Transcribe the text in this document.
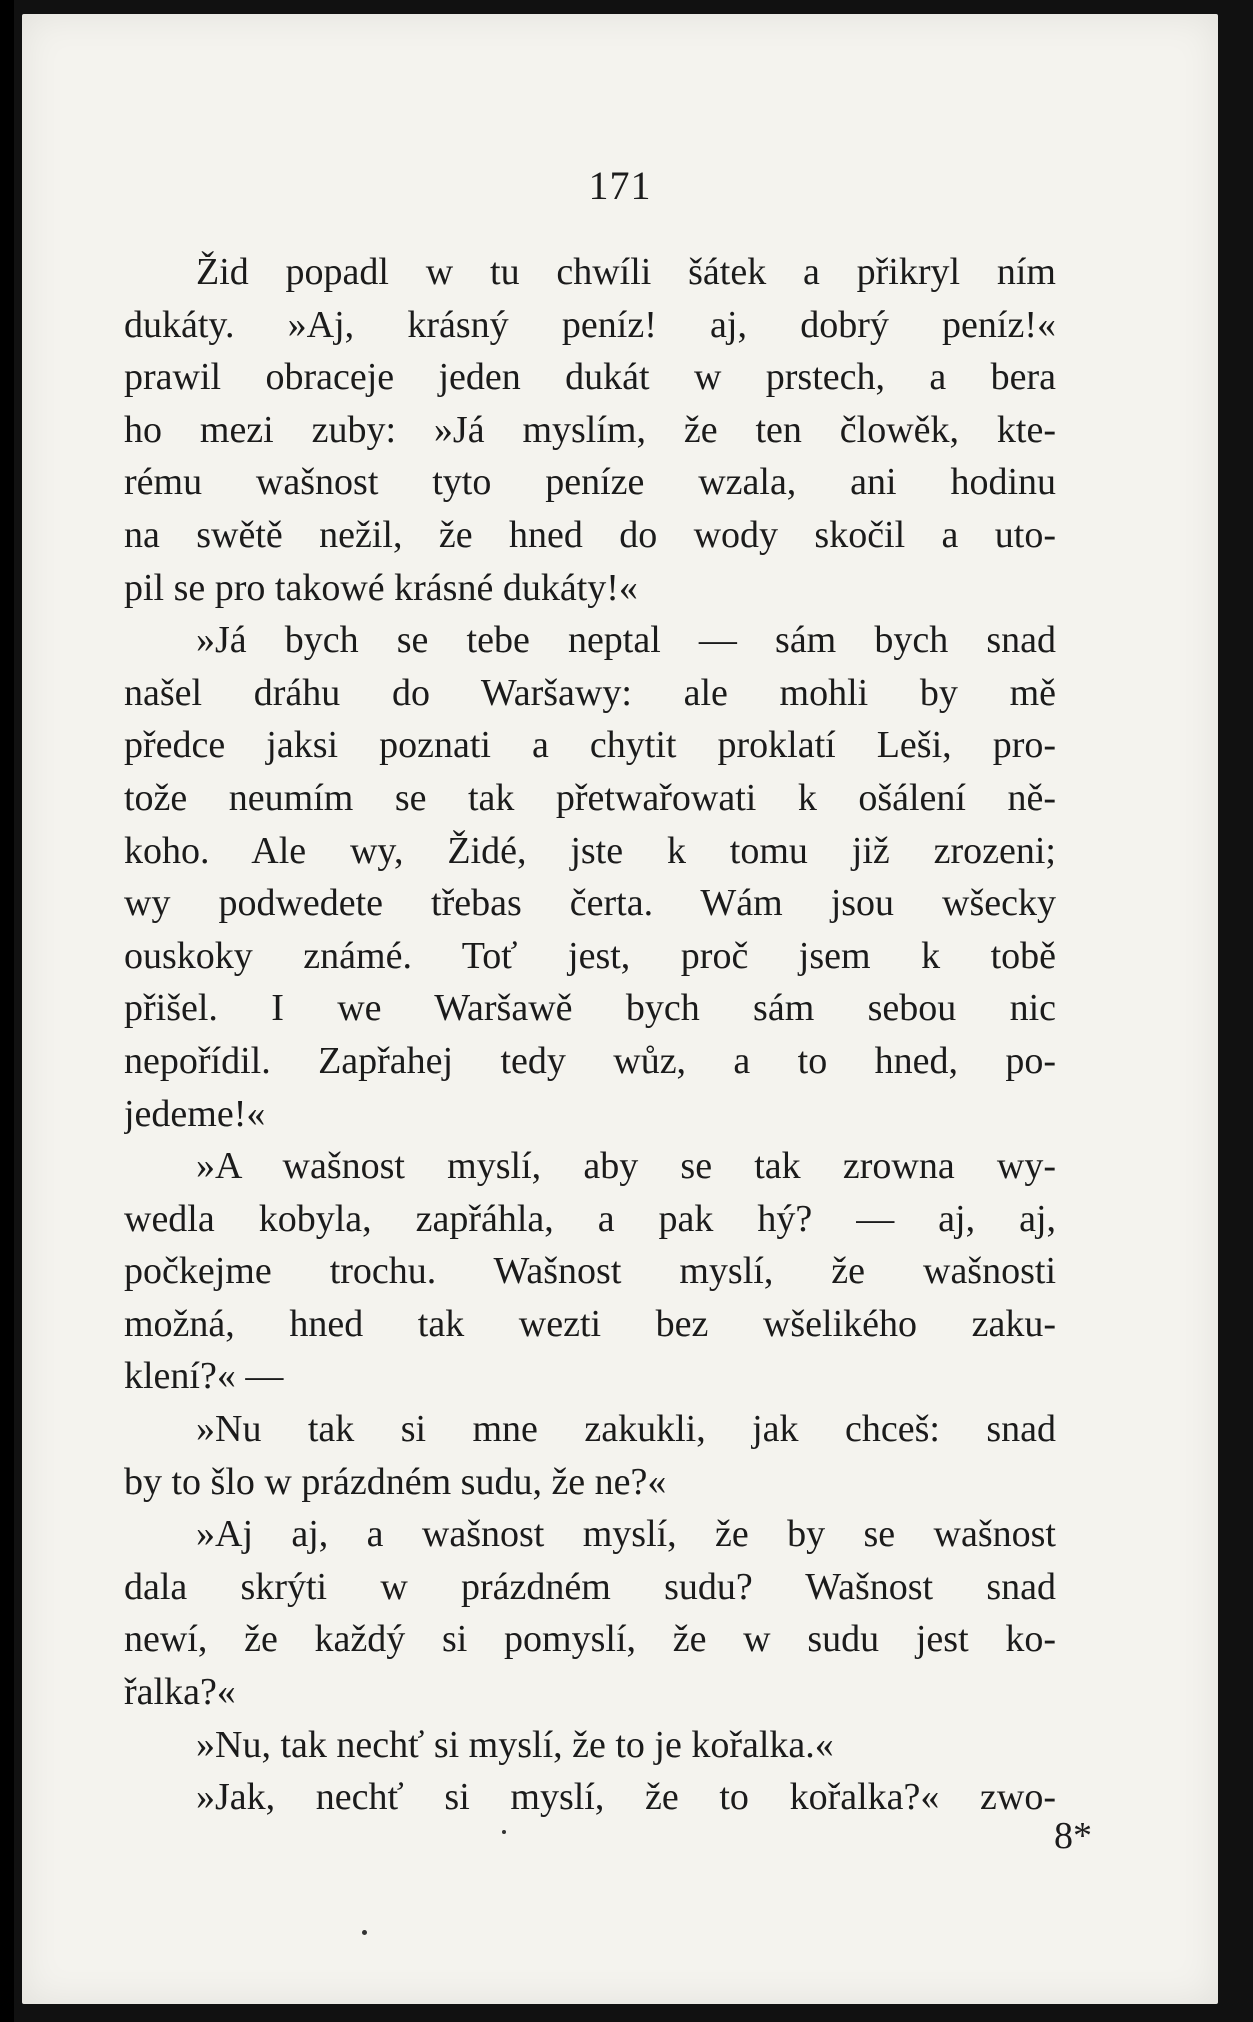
171
Žid popadl w tu chwíli šátek a přikryl ním
dukáty. »Aj, krásný peníz! aj, dobrý peníz!«
prawil obraceje jeden dukát w prstech, a bera
ho mezi zuby: »Já myslím, že ten člowěk, kte-
rému wašnost tyto peníze wzala, ani hodinu
na swětě nežil, že hned do wody skočil a uto-
pil se pro takowé krásné dukáty!«
»Já bych se tebe neptal — sám bych snad
našel dráhu do Waršawy: ale mohli by mě
předce jaksi poznati a chytit proklatí Leši, pro-
tože neumím se tak přetwařowati k ošálení ně-
koho. Ale wy, Židé, jste k tomu již zrozeni;
wy podwedete třebas čerta. Wám jsou wšecky
ouskoky známé. Toť jest, proč jsem k tobě
přišel. I we Waršawě bych sám sebou nic
nepořídil. Zapřahej tedy wůz, a to hned, po-
jedeme!«
»A wašnost myslí, aby se tak zrowna wy-
wedla kobyla, zapřáhla, a pak hý? — aj, aj,
počkejme trochu. Wašnost myslí, že wašnosti
možná, hned tak wezti bez wšelikého zaku-
klení?« —
»Nu tak si mne zakukli, jak chceš: snad
by to šlo w prázdném sudu, že ne?«
»Aj aj, a wašnost myslí, že by se wašnost
dala skrýti w prázdném sudu? Wašnost snad
newí, že každý si pomyslí, že w sudu jest ko-
řalka?«
»Nu, tak nechť si myslí, že to je kořalka.«
»Jak, nechť si myslí, že to kořalka?« zwo-
8*
